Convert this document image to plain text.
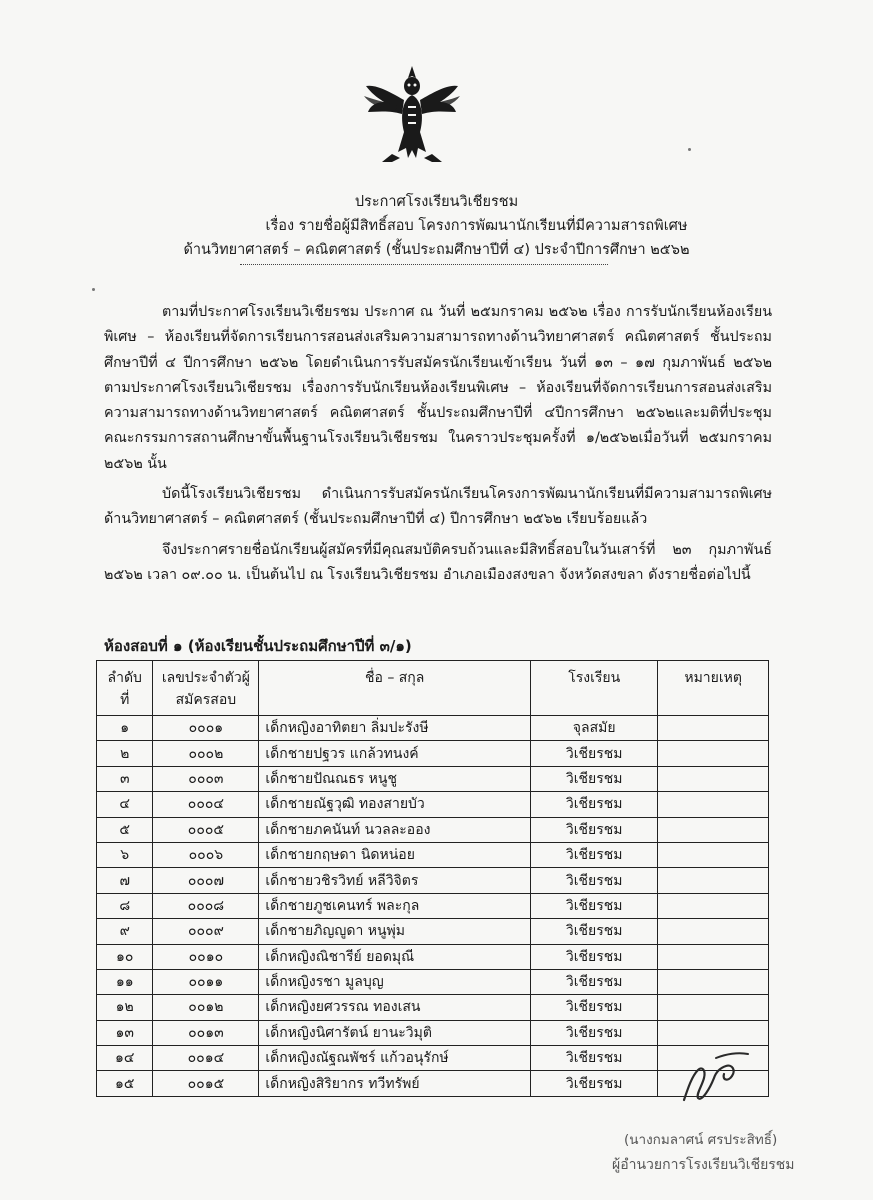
ประกาศโรงเรียนวิเชียรชม
เรื่อง รายชื่อผู้มีสิทธิ์สอบ โครงการพัฒนานักเรียนที่มีความสารถพิเศษ
ด้านวิทยาศาสตร์ – คณิตศาสตร์ (ชั้นประถมศึกษาปีที่ ๔) ประจำปีการศึกษา ๒๕๖๒

ตามที่ประกาศโรงเรียนวิเชียรชม ประกาศ ณ วันที่ ๒๕มกราคม ๒๕๖๒ เรื่อง การรับนักเรียนห้องเรียนพิเศษ – ห้องเรียนที่จัดการเรียนการสอนส่งเสริมความสามารถทางด้านวิทยาศาสตร์ คณิตศาสตร์ ชั้นประถมศึกษาปีที่ ๔ ปีการศึกษา ๒๕๖๒ โดยดำเนินการรับสมัครนักเรียนเข้าเรียน วันที่ ๑๓ – ๑๗ กุมภาพันธ์ ๒๕๖๒ ตามประกาศโรงเรียนวิเชียรชม เรื่องการรับนักเรียนห้องเรียนพิเศษ – ห้องเรียนที่จัดการเรียนการสอนส่งเสริมความสามารถทางด้านวิทยาศาสตร์ คณิตศาสตร์ ชั้นประถมศึกษาปีที่ ๔ปีการศึกษา ๒๕๖๒และมติที่ประชุมคณะกรรมการสถานศึกษาขั้นพื้นฐานโรงเรียนวิเชียรชม ในคราวประชุมครั้งที่ ๑/๒๕๖๒เมื่อวันที่ ๒๕มกราคม ๒๕๖๒ นั้น

บัดนี้โรงเรียนวิเชียรชม ดำเนินการรับสมัครนักเรียนโครงการพัฒนานักเรียนที่มีความสามารถพิเศษ ด้านวิทยาศาสตร์ – คณิตศาสตร์ (ชั้นประถมศึกษาปีที่ ๔) ปีการศึกษา ๒๕๖๒ เรียบร้อยแล้ว

จึงประกาศรายชื่อนักเรียนผู้สมัครที่มีคุณสมบัติครบถ้วนและมีสิทธิ์สอบในวันเสาร์ที่ ๒๓ กุมภาพันธ์ ๒๕๖๒ เวลา ๐๙.๐๐ น. เป็นต้นไป ณ โรงเรียนวิเชียรชม อำเภอเมืองสงขลา จังหวัดสงขลา ดังรายชื่อต่อไปนี้

ห้องสอบที่ ๑ (ห้องเรียนชั้นประถมศึกษาปีที่ ๓/๑)
ลำดับที่	เลขประจำตัวผู้สมัครสอบ	ชื่อ – สกุล	โรงเรียน	หมายเหตุ
๑	๐๐๐๑	เด็กหญิงอาทิตยา ลิ่มปะรังษี	จุลสมัย	
๒	๐๐๐๒	เด็กชายปฐวร แกล้วทนงค์	วิเชียรชม	
๓	๐๐๐๓	เด็กชายปัณณธร หนูชู	วิเชียรชม	
๔	๐๐๐๔	เด็กชายณัฐวุฒิ ทองสายบัว	วิเชียรชม	
๕	๐๐๐๕	เด็กชายภคนันท์ นวลละออง	วิเชียรชม	
๖	๐๐๐๖	เด็กชายกฤษดา นิดหน่อย	วิเชียรชม	
๗	๐๐๐๗	เด็กชายวชิรวิทย์ หลีวิจิตร	วิเชียรชม	
๘	๐๐๐๘	เด็กชายภูชเคนทร์ พละกุล	วิเชียรชม	
๙	๐๐๐๙	เด็กชายภิญญูดา หนูพุ่ม	วิเชียรชม	
๑๐	๐๐๑๐	เด็กหญิงณิชารีย์ ยอดมุณี	วิเชียรชม	
๑๑	๐๐๑๑	เด็กหญิงรชา มูลบุญ	วิเชียรชม	
๑๒	๐๐๑๒	เด็กหญิงยศวรรณ ทองเสน	วิเชียรชม	
๑๓	๐๐๑๓	เด็กหญิงนิศารัตน์ ยานะวิมุติ	วิเชียรชม	
๑๔	๐๐๑๔	เด็กหญิงณัฐณพัชร์ แก้วอนุรักษ์	วิเชียรชม	
๑๕	๐๐๑๕	เด็กหญิงสิริยากร ทวีทรัพย์	วิเชียรชม	
(นางกมลาศน์ ศรประสิทธิ์)
ผู้อำนวยการโรงเรียนวิเชียรชม
